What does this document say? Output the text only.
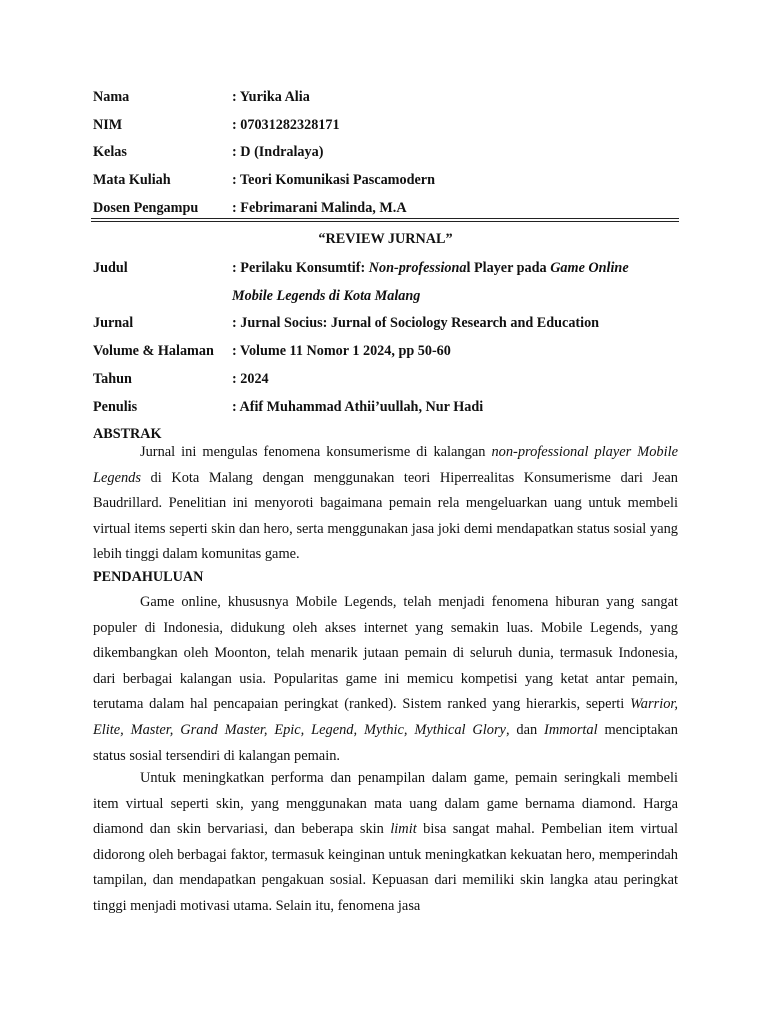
Nama	: Yurika Alia
NIM	: 07031282328171
Kelas	: D (Indralaya)
Mata Kuliah	: Teori Komunikasi Pascamodern
Dosen Pengampu : Febrimarani Malinda, M.A
“REVIEW JURNAL”
Judul	: Perilaku Konsumtif: Non-professional Player pada Game Online
Mobile Legends di Kota Malang
Jurnal	: Jurnal Socius: Jurnal of Sociology Research and Education
Volume & Halaman : Volume 11 Nomor 1 2024, pp 50-60
Tahun	: 2024
Penulis	: Afif Muhammad Athii’uullah, Nur Hadi
ABSTRAK
Jurnal ini mengulas fenomena konsumerisme di kalangan non-professional player Mobile Legends di Kota Malang dengan menggunakan teori Hiperrealitas Konsumerisme dari Jean Baudrillard. Penelitian ini menyoroti bagaimana pemain rela mengeluarkan uang untuk membeli virtual items seperti skin dan hero, serta menggunakan jasa joki demi mendapatkan status sosial yang lebih tinggi dalam komunitas game.
PENDAHULUAN
Game online, khususnya Mobile Legends, telah menjadi fenomena hiburan yang sangat populer di Indonesia, didukung oleh akses internet yang semakin luas. Mobile Legends, yang dikembangkan oleh Moonton, telah menarik jutaan pemain di seluruh dunia, termasuk Indonesia, dari berbagai kalangan usia. Popularitas game ini memicu kompetisi yang ketat antar pemain, terutama dalam hal pencapaian peringkat (ranked). Sistem ranked yang hierarkis, seperti Warrior, Elite, Master, Grand Master, Epic, Legend, Mythic, Mythical Glory, dan Immortal menciptakan status sosial tersendiri di kalangan pemain.
Untuk meningkatkan performa dan penampilan dalam game, pemain seringkali membeli item virtual seperti skin, yang menggunakan mata uang dalam game bernama diamond. Harga diamond dan skin bervariasi, dan beberapa skin limit bisa sangat mahal. Pembelian item virtual didorong oleh berbagai faktor, termasuk keinginan untuk meningkatkan kekuatan hero, memperindah tampilan, dan mendapatkan pengakuan sosial. Kepuasan dari memiliki skin langka atau peringkat tinggi menjadi motivasi utama. Selain itu, fenomena jasa
